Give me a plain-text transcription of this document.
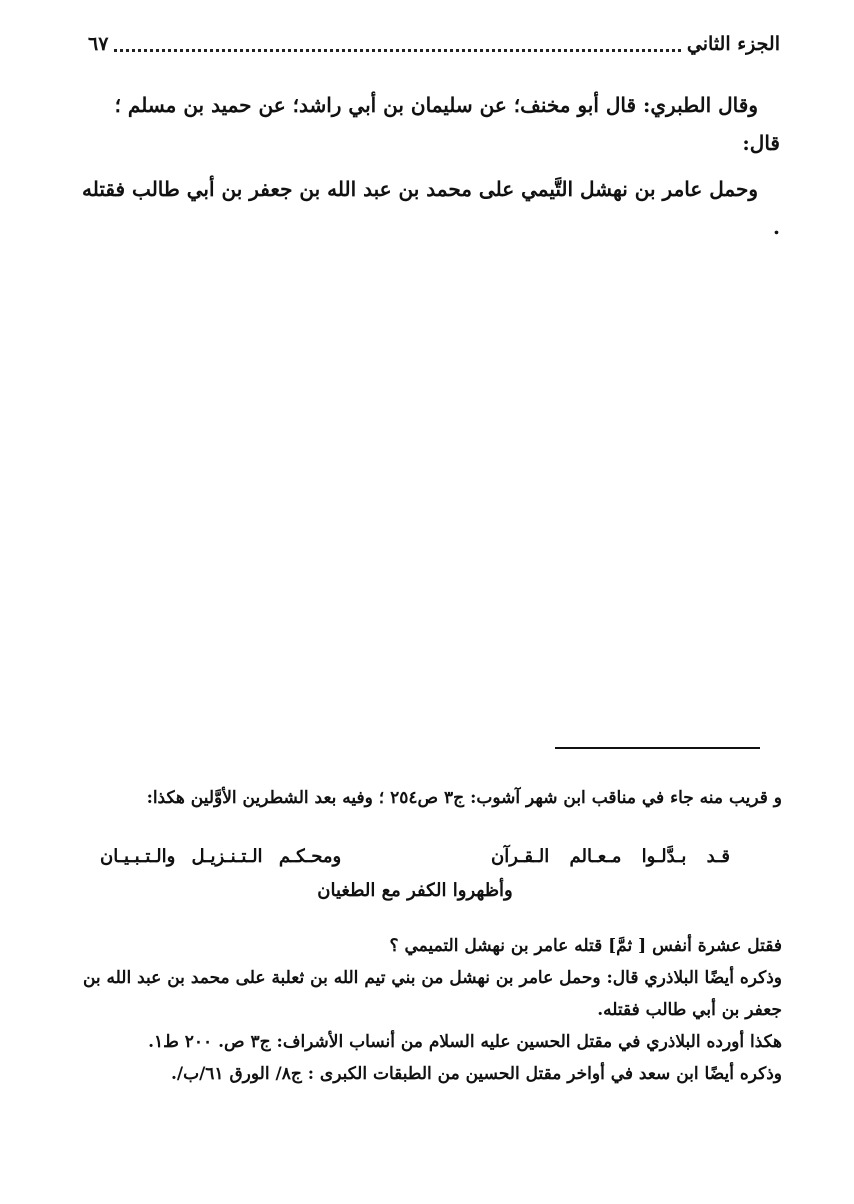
الجزء الثاني
٦٧
وقال الطبري: قال أبو مخنف؛ عن سليمان بن أبي راشد؛ عن حميد بن مسلم ؛ قال:
وحمل عامر بن نهشل التَّيمي على محمد بن عبد الله بن جعفر بن أبي طالب فقتله .
و قريب منه جاء في مناقب ابن شهر آشوب: ج٣ ص٢٥٤ ؛ وفيه بعد الشطرين الأوَّلين هكذا:
قـد بـدَّلـوا مـعـالم الـقـرآن
ومحـكـم الـتـنـزيـل والـتـبـيـان
وأظهروا الكفر مع الطغيان
فقتل عشرة أنفس [ ثمَّ] قتله عامر بن نهشل التميمي ؟
وذكره أيضًا البلاذري قال: وحمل عامر بن نهشل من بني تيم الله بن ثعلبة على محمد بن عبد الله بن جعفر بن أبي طالب فقتله.
هكذا أورده البلاذري في مقتل الحسين عليه السلام من أنساب الأشراف: ج٣ ص. ٢٠٠ ط١.
وذكره أيضًا ابن سعد في أواخر مقتل الحسين من الطبقات الكبرى : ج٨/ الورق ٦١/ب/.
